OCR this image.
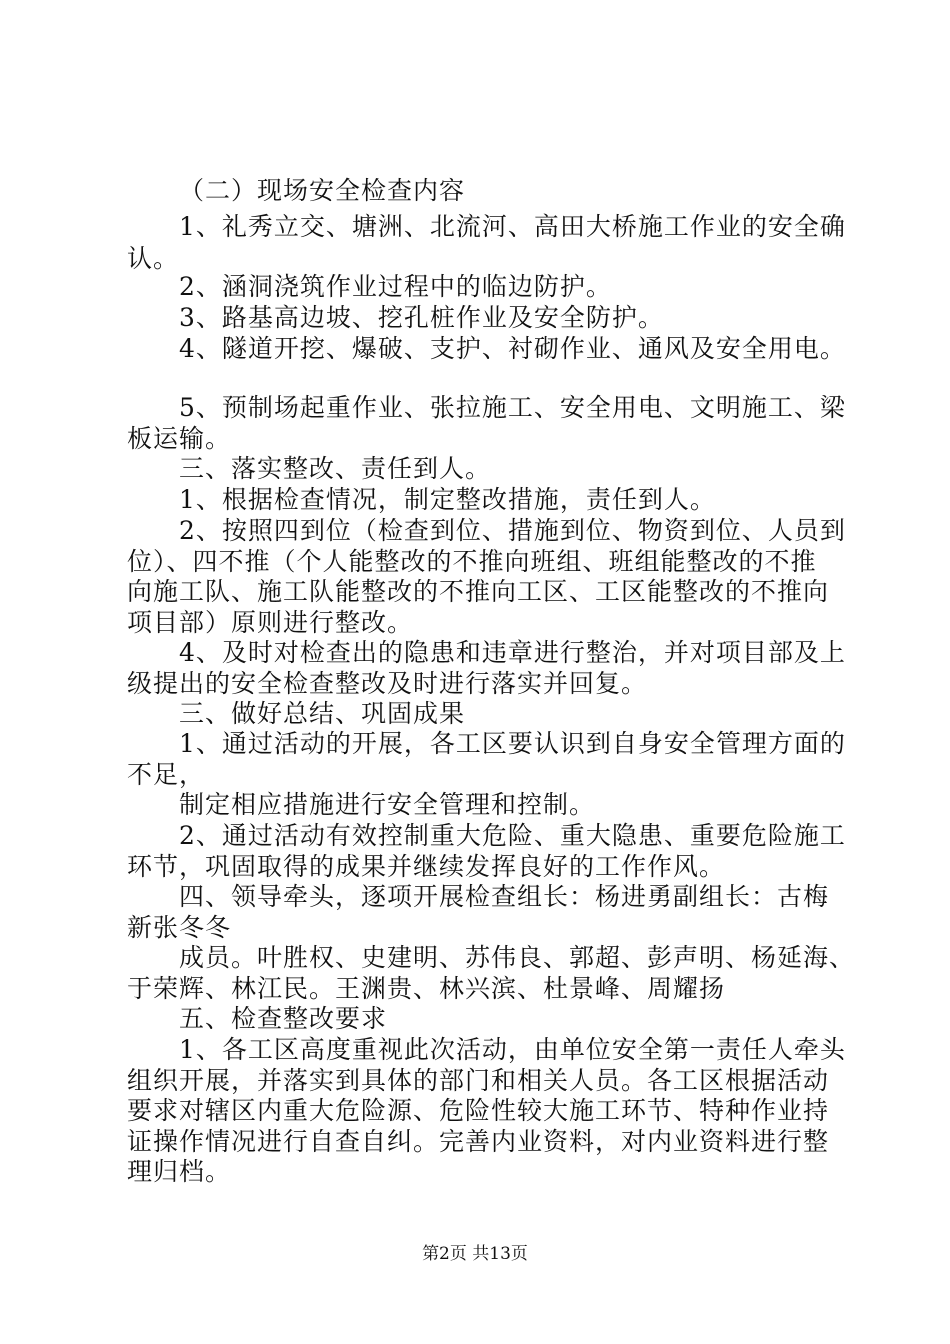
（二）现场安全检查内容
1、礼秀立交、塘洲、北流河、高田大桥施工作业的安全确
认。
2、涵洞浇筑作业过程中的临边防护。
3、路基高边坡、挖孔桩作业及安全防护。
4、隧道开挖、爆破、支护、衬砌作业、通风及安全用电。
5、预制场起重作业、张拉施工、安全用电、文明施工、梁
板运输。
三、落实整改、责任到人。
1、根据检查情况，制定整改措施，责任到人。
2、按照四到位（检查到位、措施到位、物资到位、人员到
位）、四不推（个人能整改的不推向班组、班组能整改的不推
向施工队、施工队能整改的不推向工区、工区能整改的不推向
项目部）原则进行整改。
4、及时对检查出的隐患和违章进行整治，并对项目部及上
级提出的安全检查整改及时进行落实并回复。
三、做好总结、巩固成果
1、通过活动的开展，各工区要认识到自身安全管理方面的
不足，
制定相应措施进行安全管理和控制。
2、通过活动有效控制重大危险、重大隐患、重要危险施工
环节，巩固取得的成果并继续发挥良好的工作作风。
四、领导牵头，逐项开展检查组长：杨进勇副组长：古梅
新张冬冬
成员。叶胜权、史建明、苏伟良、郭超、彭声明、杨延海、
于荣辉、林江民。王渊贵、林兴滨、杜景峰、周耀扬
五、检查整改要求
1、各工区高度重视此次活动，由单位安全第一责任人牵头
组织开展，并落实到具体的部门和相关人员。各工区根据活动
要求对辖区内重大危险源、危险性较大施工环节、特种作业持
证操作情况进行自查自纠。完善内业资料，对内业资料进行整
理归档。
第2页 共13页
